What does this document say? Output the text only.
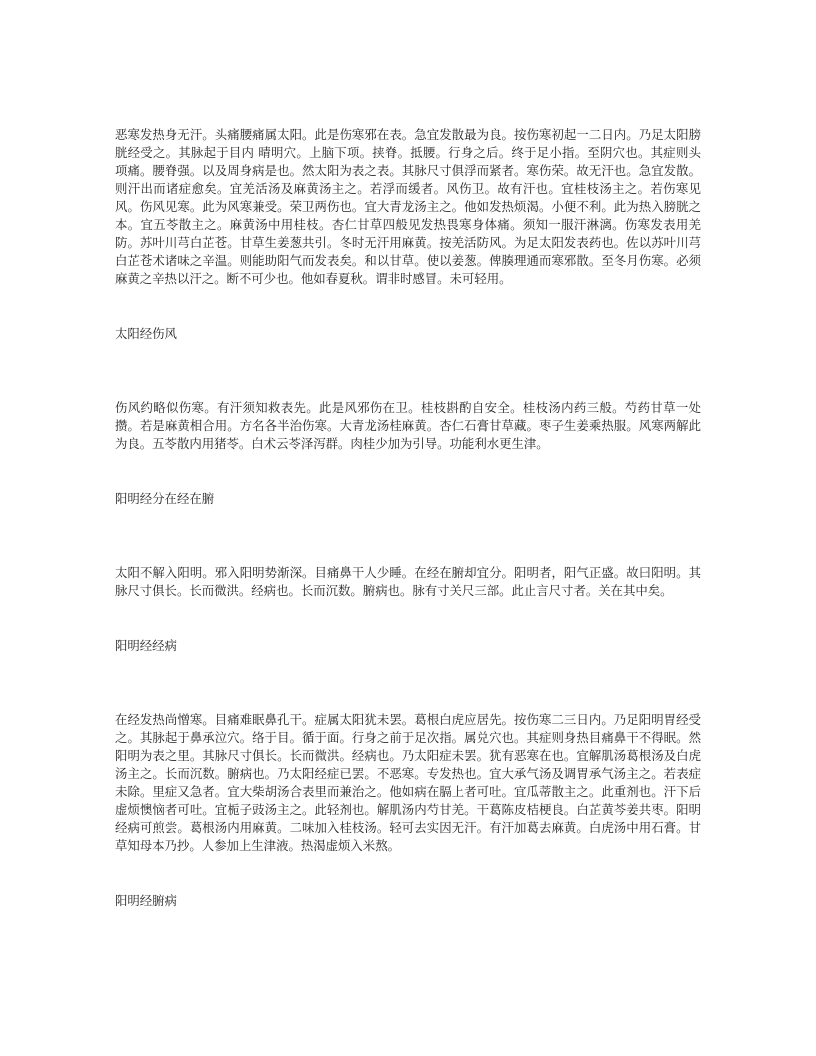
恶寒发热身无汗。头痛腰痛属太阳。此是伤寒邪在表。急宜发散最为良。按伤寒初起一二日内。乃足太阳膀胱经受之。其脉起于目内 晴明穴。上脑下项。挟脊。抵腰。行身之后。终于足小指。至阴穴也。其症则头项痛。腰脊强。以及周身病是也。然太阳为表之表。其脉尺寸俱浮而紧者。寒伤荣。故无汗也。急宜发散。则汗出而诸症愈矣。宜羌活汤及麻黄汤主之。若浮而缓者。风伤卫。故有汗也。宜桂枝汤主之。若伤寒见风。伤风见寒。此为风寒兼受。荣卫两伤也。宜大青龙汤主之。他如发热烦渴。小便不利。此为热入膀胱之本。宜五苓散主之。麻黄汤中用桂枝。杏仁甘草四般见发热畏寒身体痛。须知一服汗淋漓。伤寒发表用羌防。苏叶川芎白芷苍。甘草生姜葱共引。冬时无汗用麻黄。按羌活防风。为足太阳发表药也。佐以苏叶川芎白芷苍术诸味之辛温。则能助阳气而发表矣。和以甘草。使以姜葱。俾腠理通而寒邪散。至冬月伤寒。必须麻黄之辛热以汗之。断不可少也。他如春夏秋。谓非时感冒。未可轻用。

太阳经伤风

伤风约略似伤寒。有汗须知救表先。此是风邪伤在卫。桂枝斟酌自安全。桂枝汤内药三般。芍药甘草一处攒。若是麻黄相合用。方名各半治伤寒。大青龙汤桂麻黄。杏仁石膏甘草藏。枣子生姜乘热服。风寒两解此为良。五苓散内用猪苓。白术云苓泽泻群。肉桂少加为引导。功能利水更生津。

阳明经分在经在腑

太阳不解入阳明。邪入阳明势渐深。目痛鼻干人少睡。在经在腑却宜分。阳明者，阳气正盛。故曰阳明。其脉尺寸俱长。长而微洪。经病也。长而沉数。腑病也。脉有寸关尺三部。此止言尺寸者。关在其中矣。

阳明经经病

在经发热尚憎寒。目痛难眠鼻孔干。症属太阳犹未罢。葛根白虎应居先。按伤寒二三日内。乃足阳明胃经受之。其脉起于鼻承泣穴。络于目。循于面。行身之前于足次指。属兑穴也。其症则身热目痛鼻干不得眠。然阳明为表之里。其脉尺寸俱长。长而微洪。经病也。乃太阳症未罢。犹有恶寒在也。宜解肌汤葛根汤及白虎汤主之。长而沉数。腑病也。乃太阳经症已罢。不恶寒。专发热也。宜大承气汤及调胃承气汤主之。若表症未除。里症又急者。宜大柴胡汤合表里而兼治之。他如病在膈上者可吐。宜瓜蒂散主之。此重剂也。汗下后虚烦懊恼者可吐。宜栀子豉汤主之。此轻剂也。解肌汤内芍甘羌。干葛陈皮桔梗良。白芷黄芩姜共枣。阳明经病可煎尝。葛根汤内用麻黄。二味加入桂枝汤。轻可去实因无汗。有汗加葛去麻黄。白虎汤中用石膏。甘草知母本乃抄。人参加上生津液。热渴虚烦入米熬。

阳明经腑病
